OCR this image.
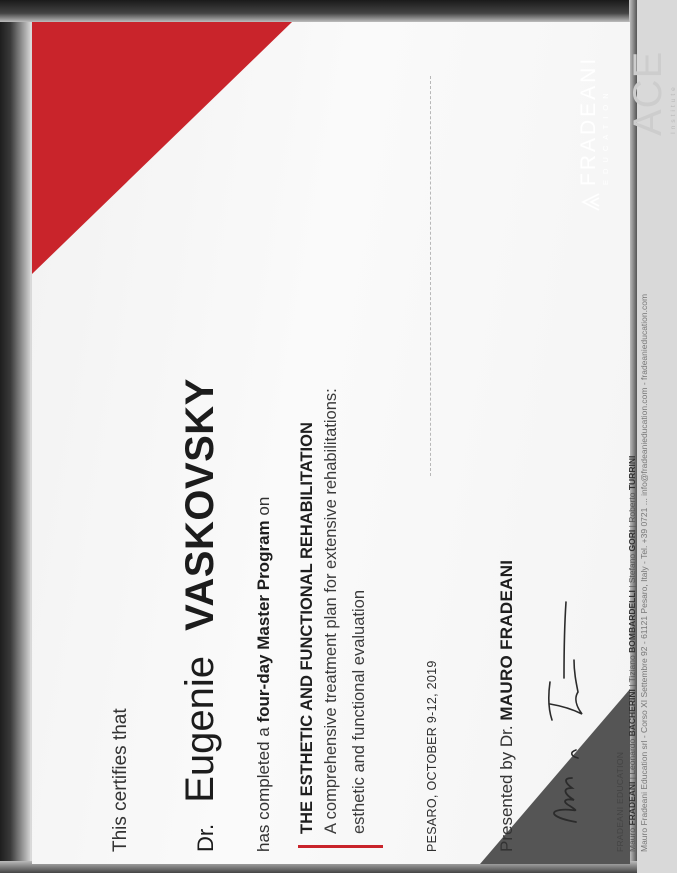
This certifies that	Dr. Eugenie VASKOVSKY
has completed a four-day Master Program on THE ESTHETIC AND FUNCTIONAL REHABILITATION A comprehensive treatment plan for extensive rehabilitations: esthetic and functional evaluation	PESARO, OCTOBER 9-12, 2019	Presented by Dr. MAURO FRADEANI
FRADEANI EDUCATION Mauro FRADEANI | Leonardo BACHERINI | Tiziano BOMBARDELLI | Stefano GORI | Roberto TURRINI Mauro Fradeani Education srl - Corso XI Settembre 92 - 61121 Pesaro, Italy - Tel. +39 0721 ... info@fradeanieducation.com - fradeanieducation.com
FRADEANI EDUCATION ACE Institute
